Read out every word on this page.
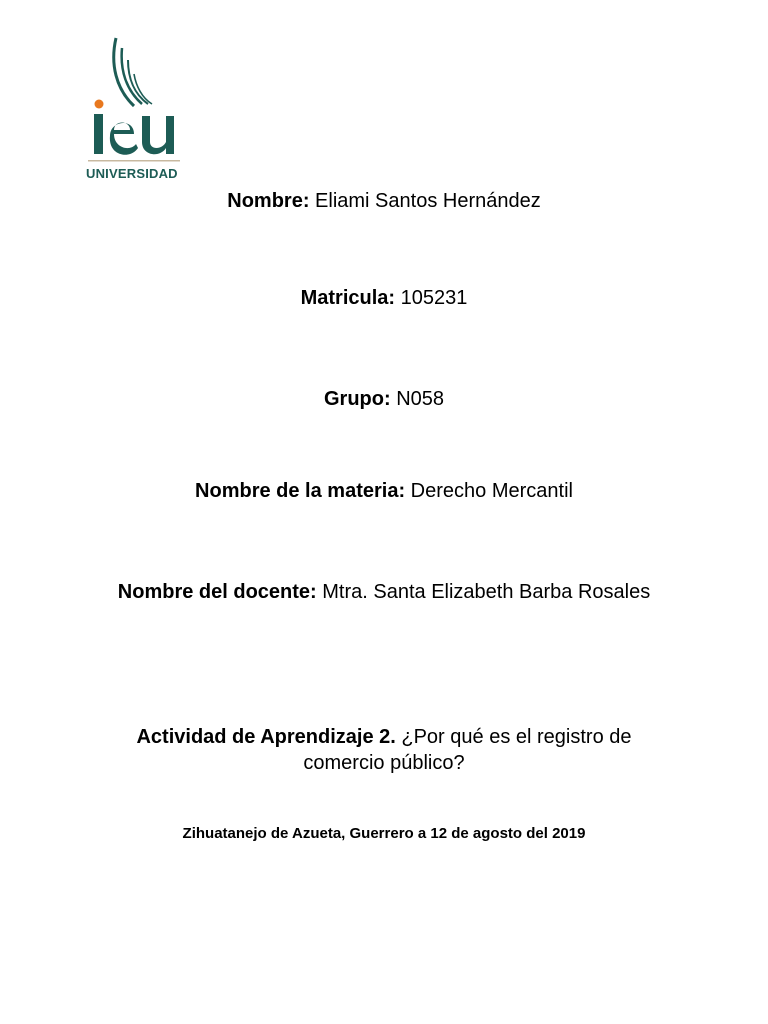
UNIVERSIDAD
Nombre: Eliami Santos Hernández
Matricula: 105231
Grupo: N058
Nombre de la materia: Derecho Mercantil
Nombre del docente: Mtra. Santa Elizabeth Barba Rosales
Actividad de Aprendizaje 2. ¿Por qué es el registro de comercio público?
Zihuatanejo de Azueta, Guerrero a 12 de agosto del 2019
